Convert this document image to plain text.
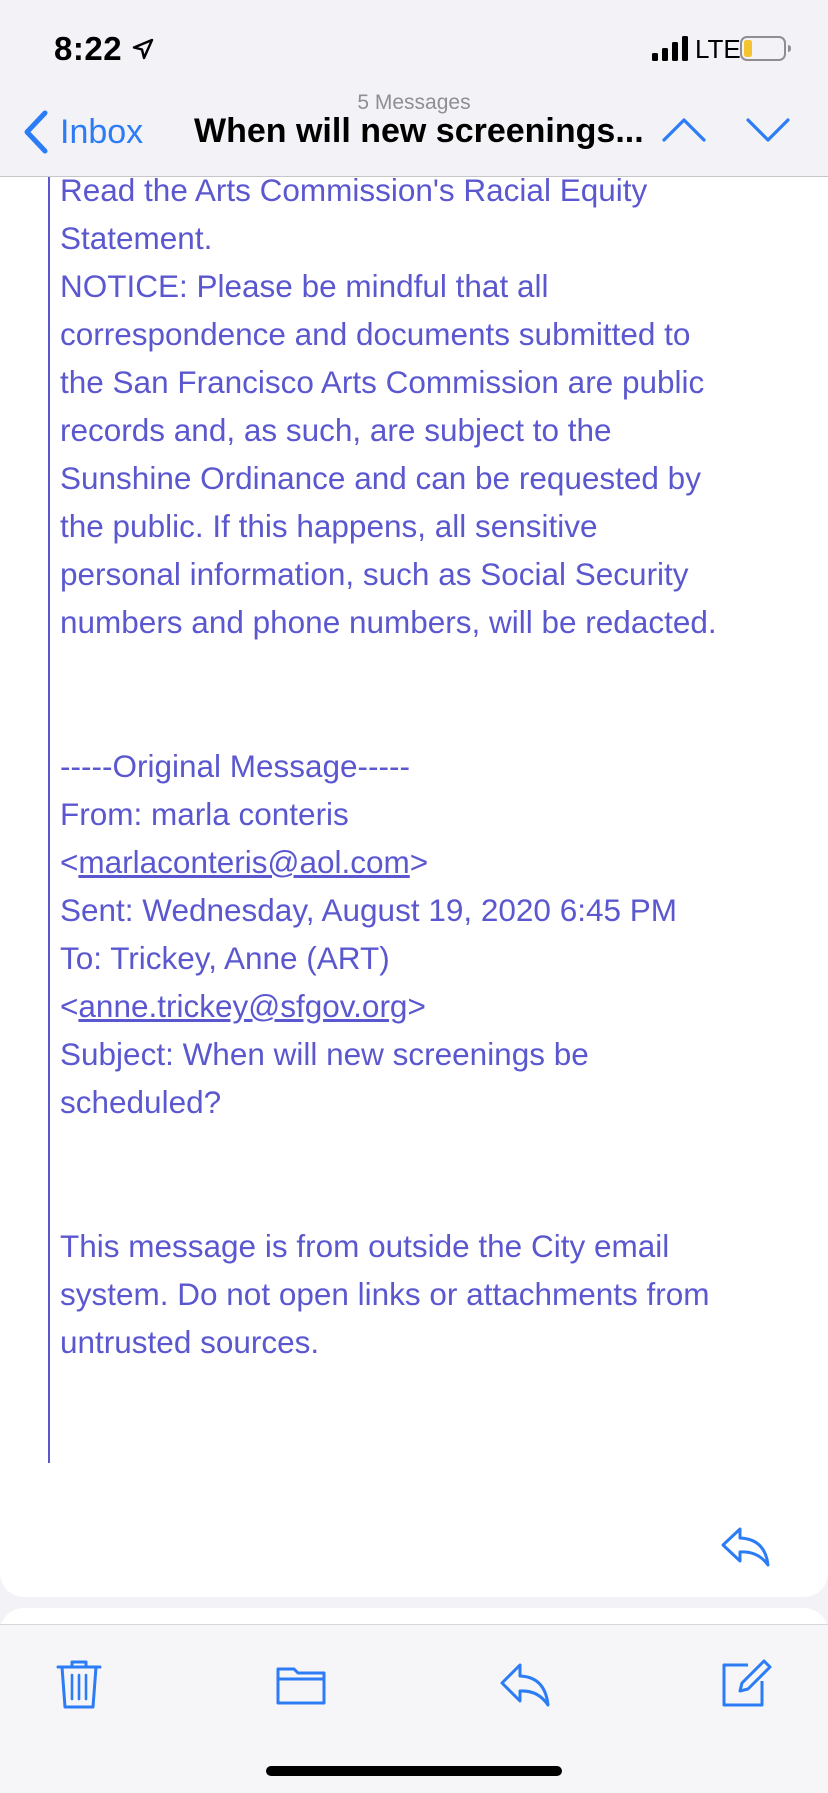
8:22	LTE
5 Messages
Inbox When will new screenings...

Read the Arts Commission's Racial Equity

Statement.

NOTICE: Please be mindful that all

correspondence and documents submitted to

the San Francisco Arts Commission are public

records and, as such, are subject to the

Sunshine Ordinance and can be requested by

the public. If this happens, all sensitive

personal information, such as Social Security

numbers and phone numbers, will be redacted.

-----Original Message-----

From: marla conteris

<marlaconteris@aol.com>

Sent: Wednesday, August 19, 2020 6:45 PM

To: Trickey, Anne (ART)

<anne.trickey@sfgov.org>

Subject: When will new screenings be

scheduled?

This message is from outside the City email

system. Do not open links or attachments from

untrusted sources.
